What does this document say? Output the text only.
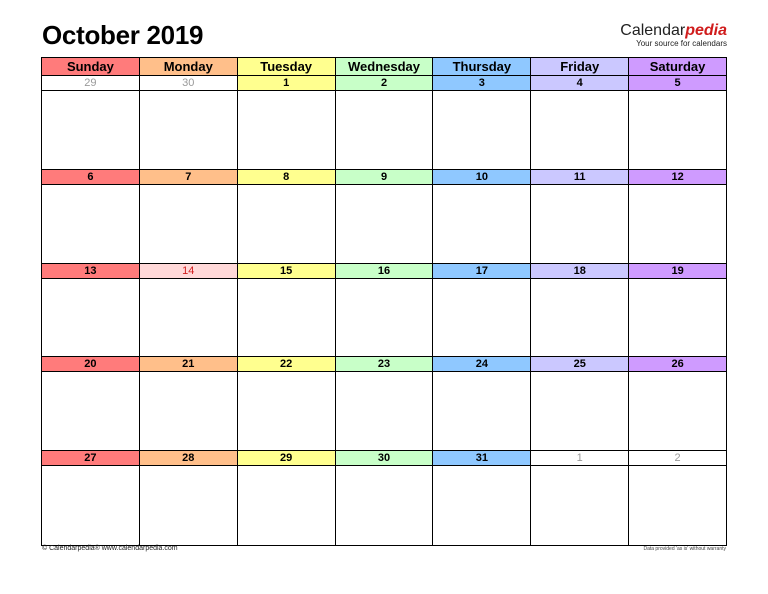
October 2019	Calendarpedia
Your source for calendars
Sunday	Monday	Tuesday	Wednesday	Thursday	Friday	Saturday
29	30	1	2	3	4	5
6	7	8	9	10	11	12
13	14	15	16	17	18	19
20	21	22	23	24	25	26
27	28	29	30	31	1	2
© Calendarpedia® www.calendarpedia.com	Data provided 'as is' without warranty
